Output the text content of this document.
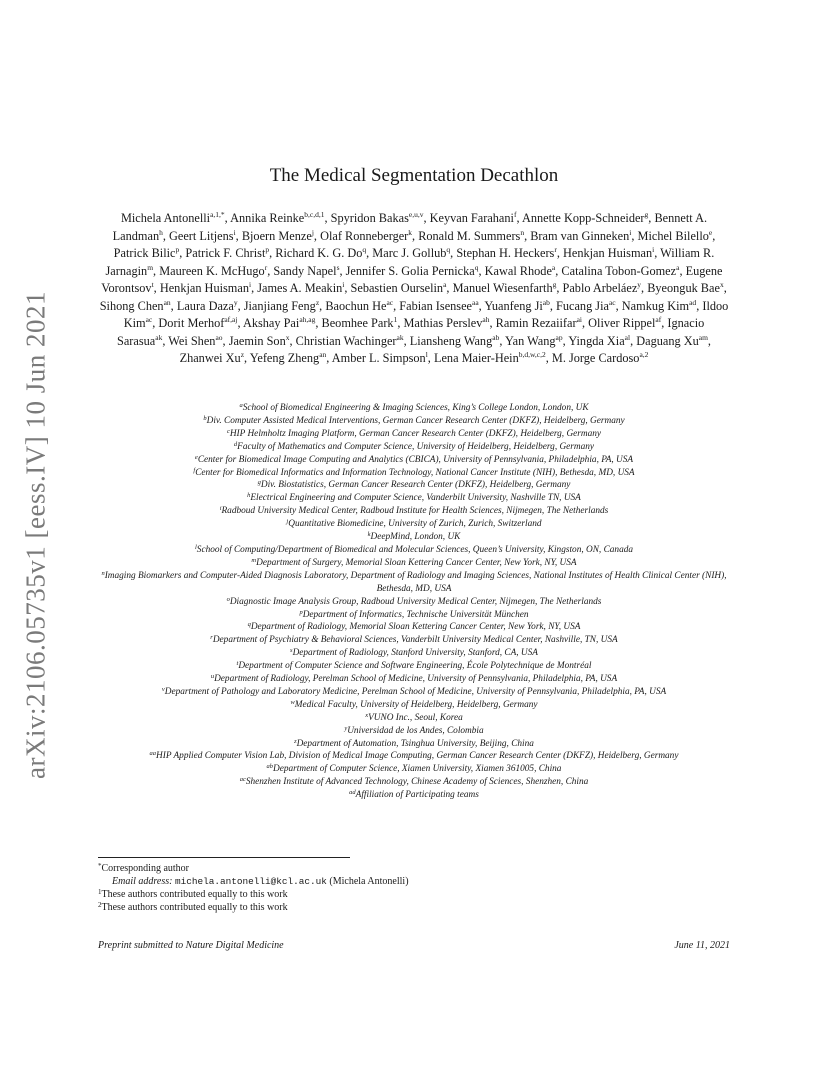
arXiv:2106.05735v1 [eess.IV] 10 Jun 2021
The Medical Segmentation Decathlon
Michela Antonelli$^{a,1,*}$, Annika Reinke$^{b,c,d,1}$, Spyridon Bakas$^{e,u,v}$, Keyvan Farahani$^f$, Annette Kopp-Schneider$^g$, Bennett A. Landman$^h$, Geert Litjens$^i$, Bjoern Menze$^j$, Olaf Ronneberger$^k$, Ronald M. Summers$^n$, Bram van Ginneken$^i$, Michel Bilello$^e$, Patrick Bilic$^p$, Patrick F. Christ$^p$, Richard K. G. Do$^q$, Marc J. Gollub$^q$, Stephan H. Heckers$^r$, Henkjan Huisman$^i$, William R. Jarnagin$^m$, Maureen K. McHugo$^r$, Sandy Napel$^s$, Jennifer S. Golia Pernicka$^q$, Kawal Rhode$^a$, Catalina Tobon-Gomez$^a$, Eugene Vorontsov$^t$, Henkjan Huisman$^i$, James A. Meakin$^i$, Sebastien Ourselin$^a$, Manuel Wiesenfarth$^g$, Pablo Arbeláez$^y$, Byeonguk Bae$^x$, Sihong Chen$^{an}$, Laura Daza$^y$, Jianjiang Feng$^z$, Baochun $He^{ac}$, Fabian Isensee$^{aa}$, Yuanfeng $Ji^{ab}$, Fucang Jia$^{ac}$, Namkug Kim$^{ad}$, Ildoo Kim$^{ac}$, Dorit Merhof$^{af,aj}$, Akshay Pai$^{ah,ag}$, Beomhee Park$^1$, Mathias Perslev$^{ah}$, Ramin Rezaiifar$^{ai}$, Oliver Rippel$^{af}$, Ignacio Sarasua$^{ak}$, Wei Shen$^{ao}$, Jaemin Son$^x$, Christian Wachinger$^{ak}$, Liansheng Wang$^{ab}$, Yan Wang$^{ap}$, Yingda Xia$^{al}$, Daguang $Xu^{am}$, Zhanwei Xu$^z$, Yefeng Zheng$^{an}$, Amber L. Simpson$^l$, Lena Maier-Hein$^{b,d,w,c,2}$, M. Jorge Cardoso$^{a,2}$
$^a$School of Biomedical Engineering & Imaging Sciences, King’s College London, London, UK
$^b$Div. Computer Assisted Medical Interventions, German Cancer Research Center (DKFZ), Heidelberg, Germany
$^c$HIP Helmholtz Imaging Platform, German Cancer Research Center (DKFZ), Heidelberg, Germany
$^d$Faculty of Mathematics and Computer Science, University of Heidelberg, Heidelberg, Germany
$^e$Center for Biomedical Image Computing and Analytics (CBICA), University of Pennsylvania, Philadelphia, PA, USA
$^f$Center for Biomedical Informatics and Information Technology, National Cancer Institute (NIH), Bethesda, MD, USA
$^g$Div. Biostatistics, German Cancer Research Center (DKFZ), Heidelberg, Germany
$^h$Electrical Engineering and Computer Science, Vanderbilt University, Nashville TN, USA
$^i$Radboud University Medical Center, Radboud Institute for Health Sciences, Nijmegen, The Netherlands
$^j$Quantitative Biomedicine, University of Zurich, Zurich, Switzerland
$^k$DeepMind, London, UK
$^l$School of Computing/Department of Biomedical and Molecular Sciences, Queen’s University, Kingston, ON, Canada
$^m$Department of Surgery, Memorial Sloan Kettering Cancer Center, New York, NY, USA
$^n$Imaging Biomarkers and Computer-Aided Diagnosis Laboratory, Department of Radiology and Imaging Sciences, National Institutes of Health Clinical Center (NIH), Bethesda, MD, USA
$^o$Diagnostic Image Analysis Group, Radboud University Medical Center, Nijmegen, The Netherlands
$^p$Department of Informatics, Technische Universität München
$^q$Department of Radiology, Memorial Sloan Kettering Cancer Center, New York, NY, USA
$^r$Department of Psychiatry & Behavioral Sciences, Vanderbilt University Medical Center, Nashville, TN, USA
$^s$Department of Radiology, Stanford University, Stanford, CA, USA
$^t$Department of Computer Science and Software Engineering, École Polytechnique de Montréal
$^u$Department of Radiology, Perelman School of Medicine, University of Pennsylvania, Philadelphia, PA, USA
$^v$Department of Pathology and Laboratory Medicine, Perelman School of Medicine, University of Pennsylvania, Philadelphia, PA, USA
$^w$Medical Faculty, University of Heidelberg, Heidelberg, Germany
$^x$VUNO Inc., Seoul, Korea
$^y$Universidad de los Andes, Colombia
$^z$Department of Automation, Tsinghua University, Beijing, China
$^{aa}$HIP Applied Computer Vision Lab, Division of Medical Image Computing, German Cancer Research Center (DKFZ), Heidelberg, Germany
$^{ab}$Department of Computer Science, Xiamen University, Xiamen 361005, China
$^{ac}$Shenzhen Institute of Advanced Technology, Chinese Academy of Sciences, Shenzhen, China
$^{ad}$Affiliation of Participating teams
*Corresponding author
Email address: michela.antonelli@kcl.ac.uk (Michela Antonelli)
$^1$These authors contributed equally to this work
$^2$These authors contributed equally to this work
Preprint submitted to Nature Digital Medicine	June 11, 2021
